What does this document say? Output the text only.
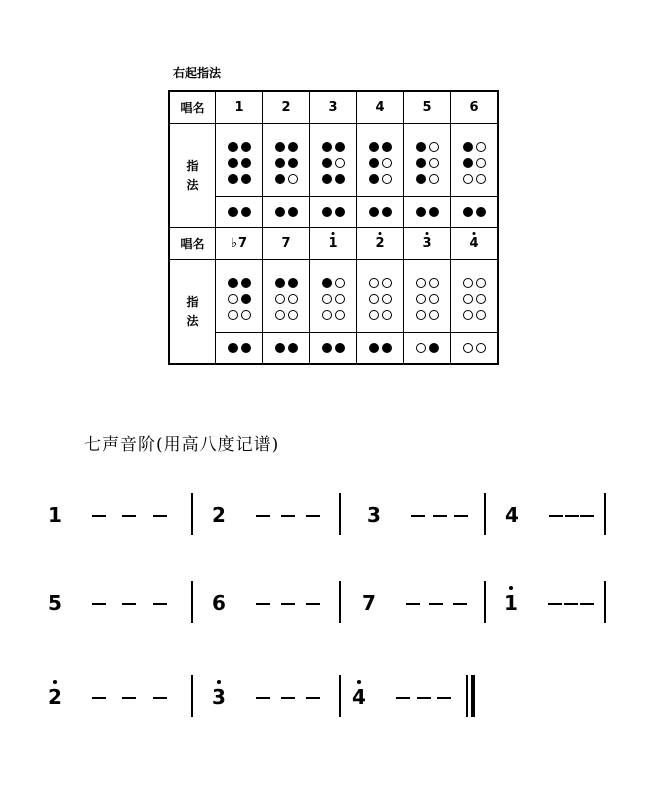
右起指法
唱名	1	2	3	4	5	6

指
法						

唱名	♭7	7	1	2	3	4

指
法						

七声音阶(用高八度记谱)
1	2	3	4
5	6	7	1
2	3	4
